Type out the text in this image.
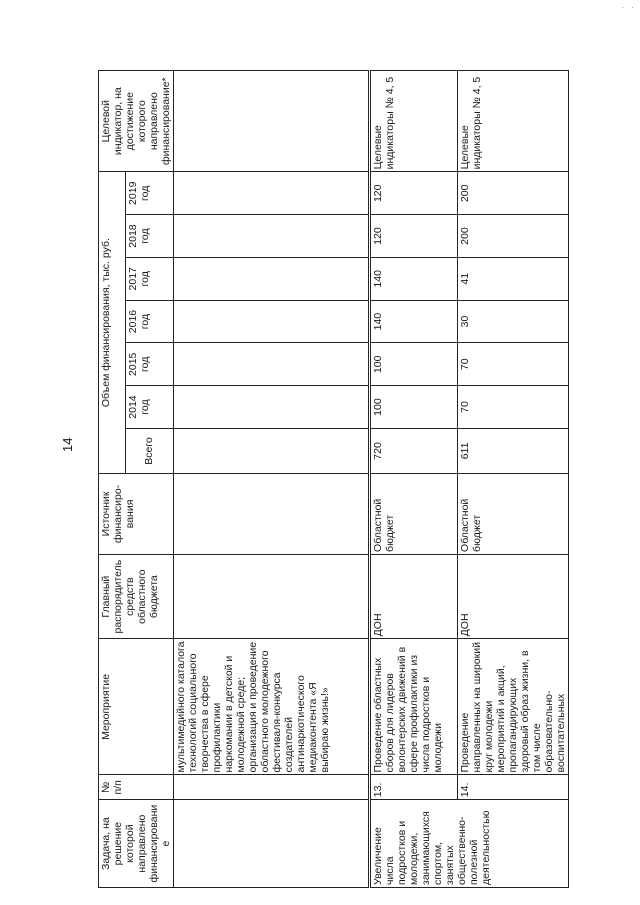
14
· ·
Задача, на решение которой направлено финансирование	№ п/п	Мероприятие	Главный распорядитель средств областного бюджета	Источник финансиро-вания	Объем финансирования, тыс. руб.							Целевой индикатор, на достижение которого направлено финансирование*
					Всего	2014 год	2015 год	2016 год	2017 год	2018 год	2019 год	
		мультимедийного каталога технологий социального творчества в сфере профилактики наркомании в детской и молодежной среде; организация и проведение областного молодежного фестиваля-конкурса создателей антинаркотического медиаконтента «Я выбираю жизнь!»										
Увеличение числа подростков и молодежи, занимающихся спортом, занятых общественно-полезной деятельностью	13.	Проведение областных сборов для лидеров волонтерских движений в сфере профилактики из числа подростков и молодежи	ДОН	Областной бюджет	720	100	100	140	140	120	120	Целевые индикаторы № 4, 5
	14.	Проведение направленных на широкий круг молодежи мероприятий и акций, пропагандирующих здоровый образ жизни, в том числе образовательно-воспитательных	ДОН	Областной бюджет	611	70	70	30	41	200	200	Целевые индикаторы № 4, 5
